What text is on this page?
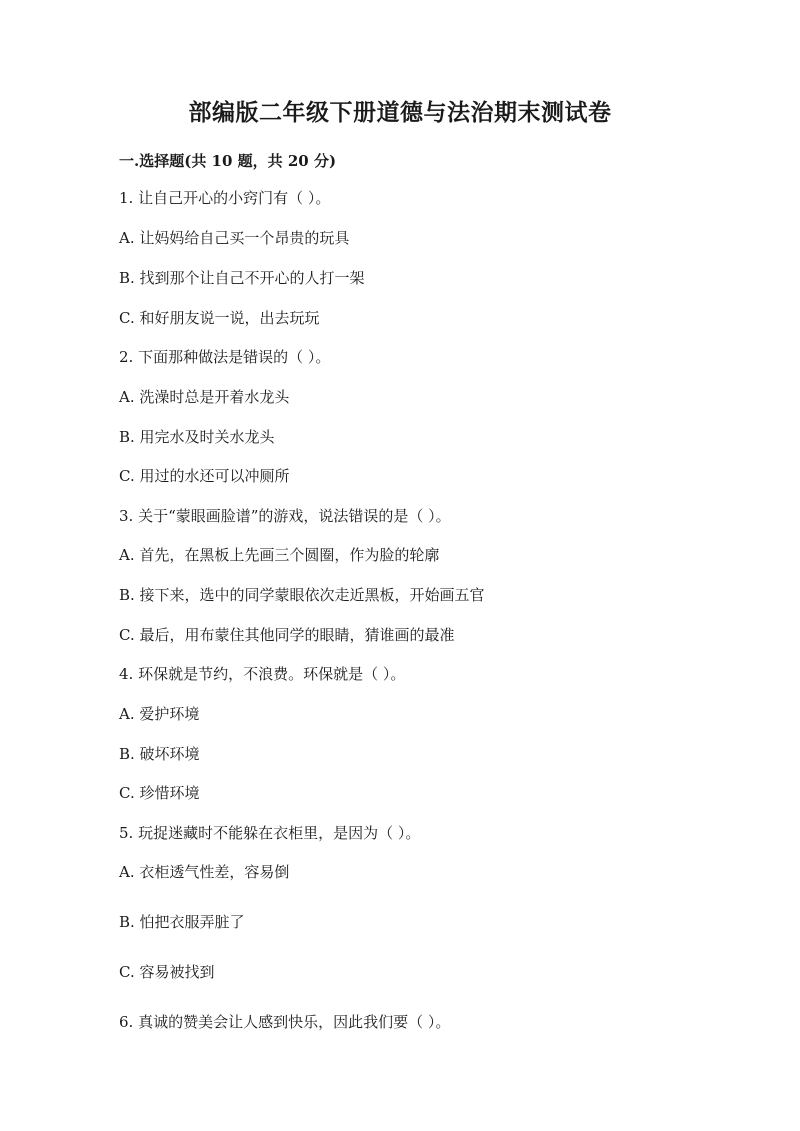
部编版二年级下册道德与法治期末测试卷
一.选择题(共 10 题，共 20 分)
1. 让自己开心的小窍门有（ ）。
A. 让妈妈给自己买一个昂贵的玩具
B. 找到那个让自己不开心的人打一架
C. 和好朋友说一说，出去玩玩
2. 下面那种做法是错误的（ ）。
A. 洗澡时总是开着水龙头
B. 用完水及时关水龙头
C. 用过的水还可以冲厕所
3. 关于“蒙眼画脸谱”的游戏，说法错误的是（ ）。
A. 首先，在黑板上先画三个圆圈，作为脸的轮廓
B. 接下来，选中的同学蒙眼依次走近黑板，开始画五官
C. 最后，用布蒙住其他同学的眼睛，猜谁画的最准
4. 环保就是节约，不浪费。环保就是（ ）。
A. 爱护环境
B. 破坏环境
C. 珍惜环境
5. 玩捉迷藏时不能躲在衣柜里，是因为（ ）。
A. 衣柜透气性差，容易倒
B. 怕把衣服弄脏了
C. 容易被找到
6. 真诚的赞美会让人感到快乐，因此我们要（ ）。
